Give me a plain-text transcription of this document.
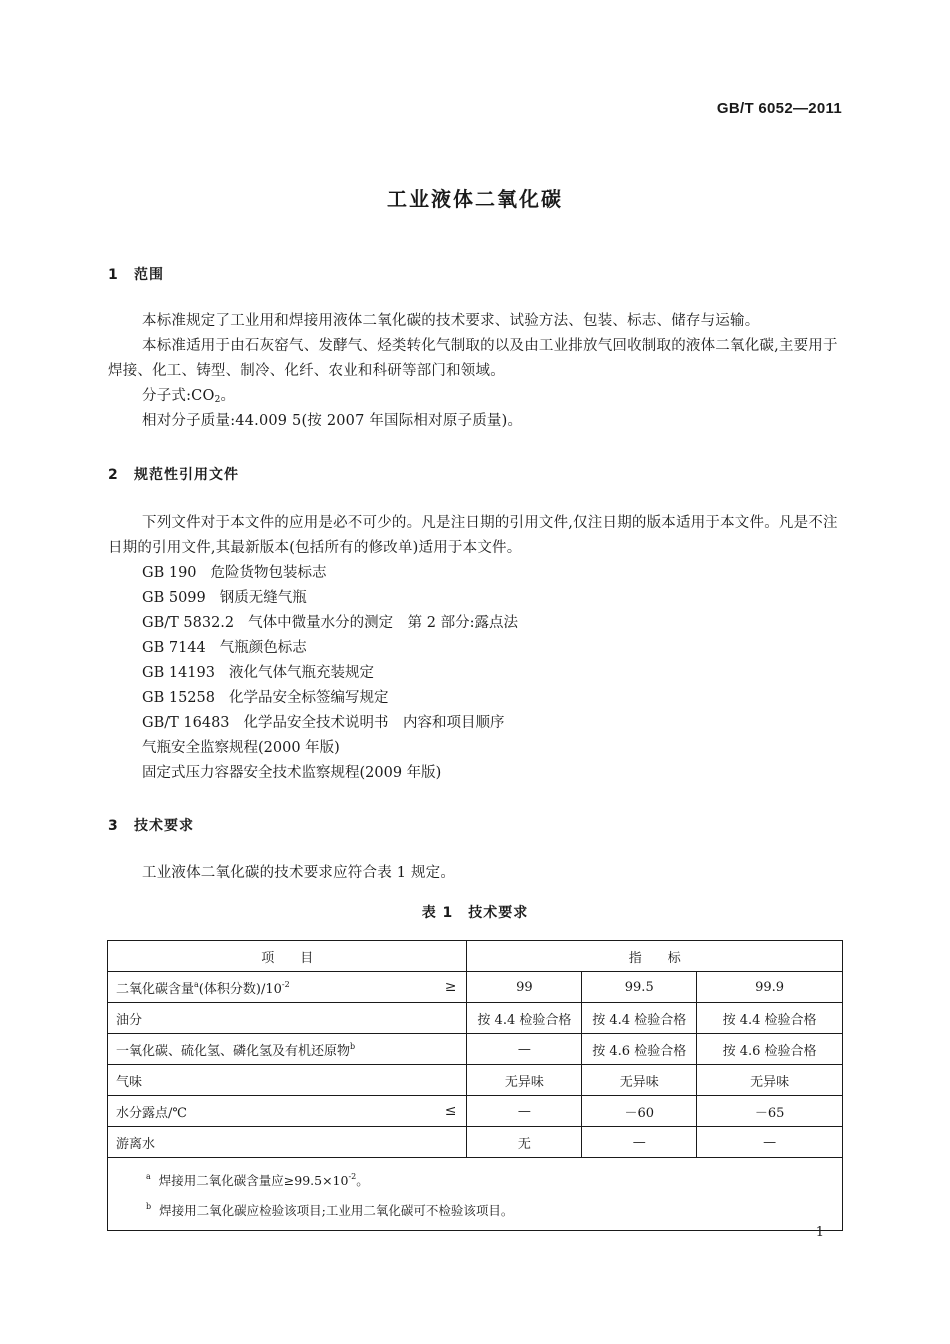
GB/T 6052—2011
工业液体二氧化碳
1 范围
本标准规定了工业用和焊接用液体二氧化碳的技术要求、试验方法、包装、标志、储存与运输。
本标准适用于由石灰窑气、发酵气、烃类转化气制取的以及由工业排放气回收制取的液体二氧化碳,主要用于焊接、化工、铸型、制冷、化纤、农业和科研等部门和领域。
分子式$:CO_2$。
相对分子质量:44.009 5(按 2007 年国际相对原子质量)。
2 规范性引用文件
下列文件对于本文件的应用是必不可少的。凡是注日期的引用文件,仅注日期的版本适用于本文件。凡是不注日期的引用文件,其最新版本(包括所有的修改单)适用于本文件。
GB 190 危险货物包装标志
GB 5099 钢质无缝气瓶
GB/T 5832.2 气体中微量水分的测定　第 2 部分:露点法
GB 7144 气瓶颜色标志
GB 14193 液化气体气瓶充装规定
GB 15258 化学品安全标签编写规定
GB/T 16483 化学品安全技术说明书　内容和项目顺序
气瓶安全监察规程(2000 年版)
固定式压力容器安全技术监察规程(2009 年版)
3 技术要求
工业液体二氧化碳的技术要求应符合表 1 规定。
表 1　技术要求
项　　目	指　　标		
二氧化碳含量$^a$(体积分数)$/10^{-2}$ ≥	99	99.5	99.9
油分	按 4.4 检验合格	按 4.4 检验合格	按 4.4 检验合格
一氧化碳、硫化氢、磷化氢及有机还原物$^b$	—	按 4.6 检验合格	按 4.6 检验合格
气味	无异味	无异味	无异味
水分露点/℃ ≤	—	－60	－65
游离水	无	—	—

$^a$ 焊接用二氧化碳含量应$\ge 99.5\times 10^{-2}$。
$^b$ 焊接用二氧化碳应检验该项目;工业用二氧化碳可不检验该项目。			
1
